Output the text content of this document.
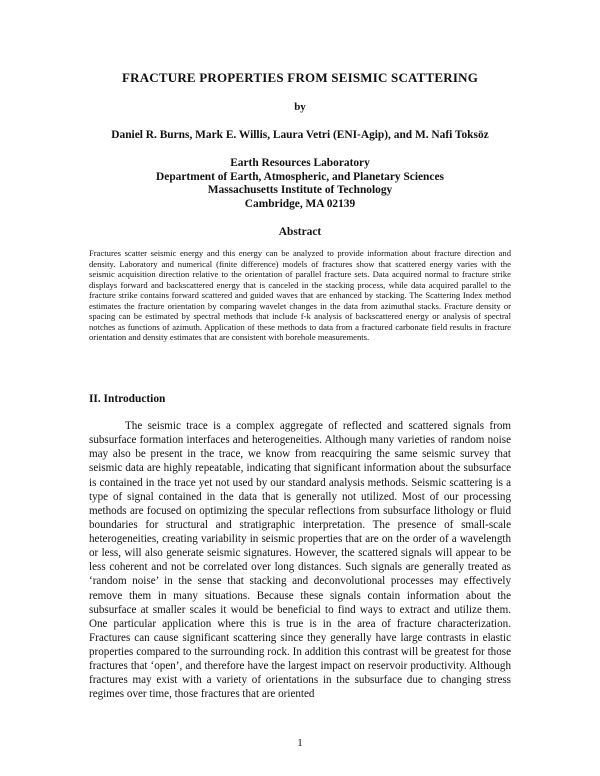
FRACTURE PROPERTIES FROM SEISMIC SCATTERING
by
Daniel R. Burns, Mark E. Willis, Laura Vetri (ENI-Agip), and M. Nafi Toksöz
Earth Resources Laboratory
Department of Earth, Atmospheric, and Planetary Sciences
Massachusetts Institute of Technology
Cambridge, MA 02139
Abstract

Fractures scatter seismic energy and this energy can be analyzed to provide information about fracture direction and density. Laboratory and numerical (finite difference) models of fractures show that scattered energy varies with the seismic acquisition direction relative to the orientation of parallel fracture sets. Data acquired normal to fracture strike displays forward and backscattered energy that is canceled in the stacking process, while data acquired parallel to the fracture strike contains forward scattered and guided waves that are enhanced by stacking. The Scattering Index method estimates the fracture orientation by comparing wavelet changes in the data from azimuthal stacks. Fracture density or spacing can be estimated by spectral methods that include f-k analysis of backscattered energy or analysis of spectral notches as functions of azimuth. Application of these methods to data from a fractured carbonate field results in fracture orientation and density estimates that are consistent with borehole measurements.

II. Introduction

The seismic trace is a complex aggregate of reflected and scattered signals from subsurface formation interfaces and heterogeneities. Although many varieties of random noise may also be present in the trace, we know from reacquiring the same seismic survey that seismic data are highly repeatable, indicating that significant information about the subsurface is contained in the trace yet not used by our standard analysis methods. Seismic scattering is a type of signal contained in the data that is generally not utilized. Most of our processing methods are focused on optimizing the specular reflections from subsurface lithology or fluid boundaries for structural and stratigraphic interpretation. The presence of small-scale heterogeneities, creating variability in seismic properties that are on the order of a wavelength or less, will also generate seismic signatures. However, the scattered signals will appear to be less coherent and not be correlated over long distances. Such signals are generally treated as ‘random noise’ in the sense that stacking and deconvolutional processes may effectively remove them in many situations. Because these signals contain information about the subsurface at smaller scales it would be beneficial to find ways to extract and utilize them. One particular application where this is true is in the area of fracture characterization. Fractures can cause significant scattering since they generally have large contrasts in elastic properties compared to the surrounding rock. In addition this contrast will be greatest for those fractures that ‘open’, and therefore have the largest impact on reservoir productivity. Although fractures may exist with a variety of orientations in the subsurface due to changing stress regimes over time, those fractures that are oriented

1
